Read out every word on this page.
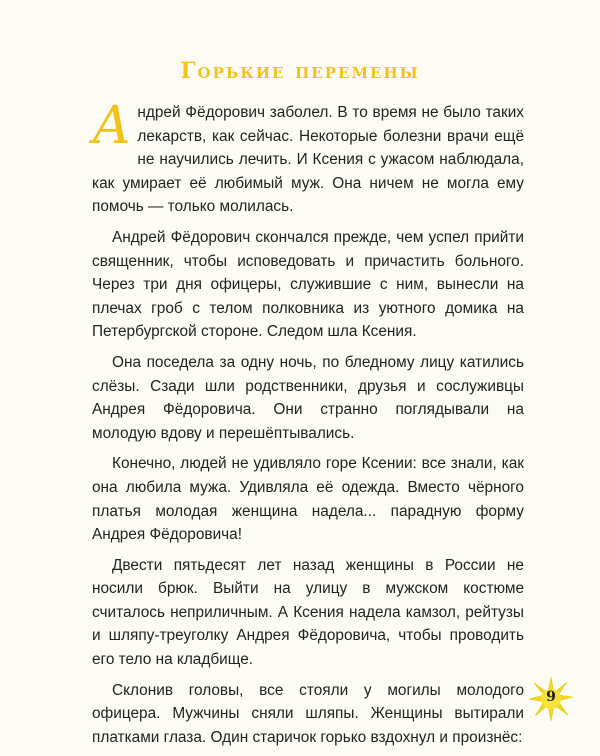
Горькие перемены

Андрей Фёдорович заболел. В то время не было таких лекарств, как сейчас. Некоторые болезни врачи ещё не научились лечить. И Ксения с ужасом наблюдала, как умирает её любимый муж. Она ничем не могла ему помочь — только молилась.

Андрей Фёдорович скончался прежде, чем успел прийти священник, чтобы исповедовать и причастить больного. Через три дня офицеры, служившие с ним, вынесли на плечах гроб с телом полковника из уютного домика на Петербургской стороне. Следом шла Ксения.

Она поседела за одну ночь, по бледному лицу катились слёзы. Сзади шли родственники, друзья и сослуживцы Андрея Фёдоровича. Они странно поглядывали на молодую вдову и перешёптывались.

Конечно, людей не удивляло горе Ксении: все знали, как она любила мужа. Удивляла её одежда. Вместо чёрного платья молодая женщина надела... парадную форму Андрея Фёдоровича!

Двести пятьдесят лет назад женщины в России не носили брюк. Выйти на улицу в мужском костюме считалось неприличным. А Ксения надела камзол, рейтузы и шляпу-треуголку Андрея Фёдоровича, чтобы проводить его тело на кладбище.

Склонив головы, все стояли у могилы молодого офицера. Мужчины сняли шляпы. Женщины вытирали платками глаза. Один старичок горько вздохнул и произнёс:

9
